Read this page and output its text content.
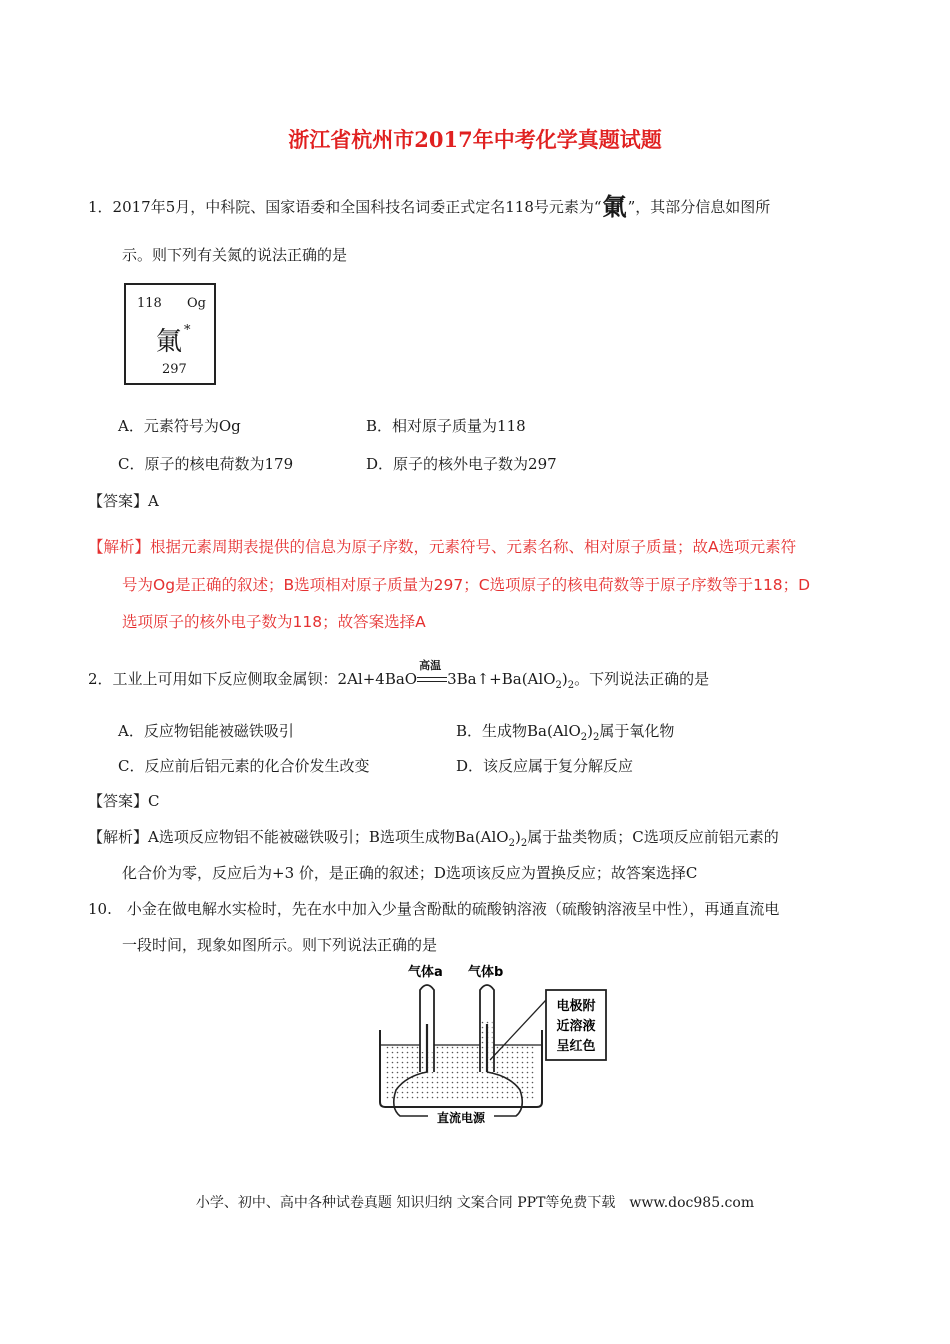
浙江省杭州市2017年中考化学真题试题
1．2017年5月，中科院、国家语委和全国科技名词委正式定名118号元素为“氭”，其部分信息如图所
示。则下列有关氮的说法正确的是
118 Og
氭 *
297
A．元素符号为Og	B．相对原子质量为118
C．原子的核电荷数为179	D．原子的核外电子数为297
【答案】A
【解析】根据元素周期表提供的信息为原子序数，元素符号、元素名称、相对原子质量；故A选项元素符
号为Og是正确的叙述；B选项相对原子质量为297；C选项原子的核电荷数等于原子序数等于118；D
选项原子的核外电子数为118；故答案选择A
2．工业上可用如下反应侧取金属钡：2Al+4BaO
高温
$3Ba↑+Ba(AlO_2)_2$。下列说法正确的是
A．反应物铝能被磁铁吸引	B．生成物$Ba(AlO_2)_2$属于氧化物
C．反应前后铝元素的化合价发生改变	D．该反应属于复分解反应
【答案】C
【解析】A选项反应物铝不能被磁铁吸引；B选项生成物$Ba(AlO_2)_2$属于盐类物质；C选项反应前铝元素的
化合价为零，反应后为+3 价，是正确的叙述；D选项该反应为置换反应；故答案选择C
10.　小金在做电解水实检时，先在水中加入少量含酚酞的硫酸钠溶液（硫酸钠溶液呈中性），再通直流电
一段时间，现象如图所示。则下列说法正确的是
电极附
近溶液
呈红色
气体a 气体b
直流电源
小学、初中、高中各种试卷真题 知识归纳 文案合同 PPT等免费下载　www.doc985.com
